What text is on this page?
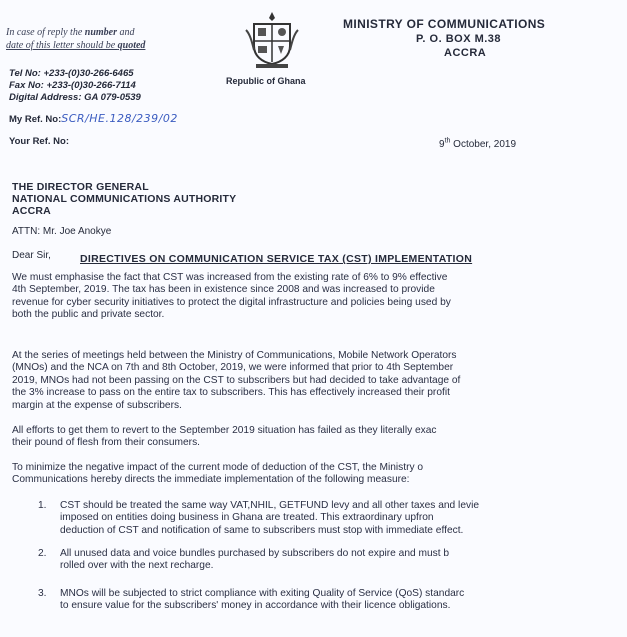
In case of reply the number and
date of this letter should be quoted
Tel No: +233-(0)30-266-6465
Fax No: +233-(0)30-266-7114
Digital Address: GA 079-0539
My Ref. No:SCR/HE.128/239/02
Your Ref. No:
Republic of Ghana
MINISTRY OF COMMUNICATIONS
P. O. BOX M.38
ACCRA
9th October, 2019
THE DIRECTOR GENERAL
NATIONAL COMMUNICATIONS AUTHORITY
ACCRA
ATTN: Mr. Joe Anokye
Dear Sir,	DIRECTIVES ON COMMUNICATION SERVICE TAX (CST) IMPLEMENTATION

We must emphasise the fact that CST was increased from the existing rate of 6% to 9% effective

4th September, 2019. The tax has been in existence since 2008 and was increased to provide

revenue for cyber security initiatives to protect the digital infrastructure and policies being used by

both the public and private sector.

At the series of meetings held between the Ministry of Communications, Mobile Network Operators

(MNOs) and the NCA on 7th and 8th October, 2019, we were informed that prior to 4th September

2019, MNOs had not been passing on the CST to subscribers but had decided to take advantage of

the 3% increase to pass on the entire tax to subscribers. This has effectively increased their profit

margin at the expense of subscribers.

All efforts to get them to revert to the September 2019 situation has failed as they literally exac

their pound of flesh from their consumers.

To minimize the negative impact of the current mode of deduction of the CST, the Ministry o

Communications hereby directs the immediate implementation of the following measure:

1. CST should be treated the same way VAT,NHIL, GETFUND levy and all other taxes and levie

imposed on entities doing business in Ghana are treated. This extraordinary upfron

deduction of CST and notification of same to subscribers must stop with immediate effect.

2. All unused data and voice bundles purchased by subscribers do not expire and must b

rolled over with the next recharge.

3. MNOs will be subjected to strict compliance with exiting Quality of Service (QoS) standarc

to ensure value for the subscribers' money in accordance with their licence obligations.
